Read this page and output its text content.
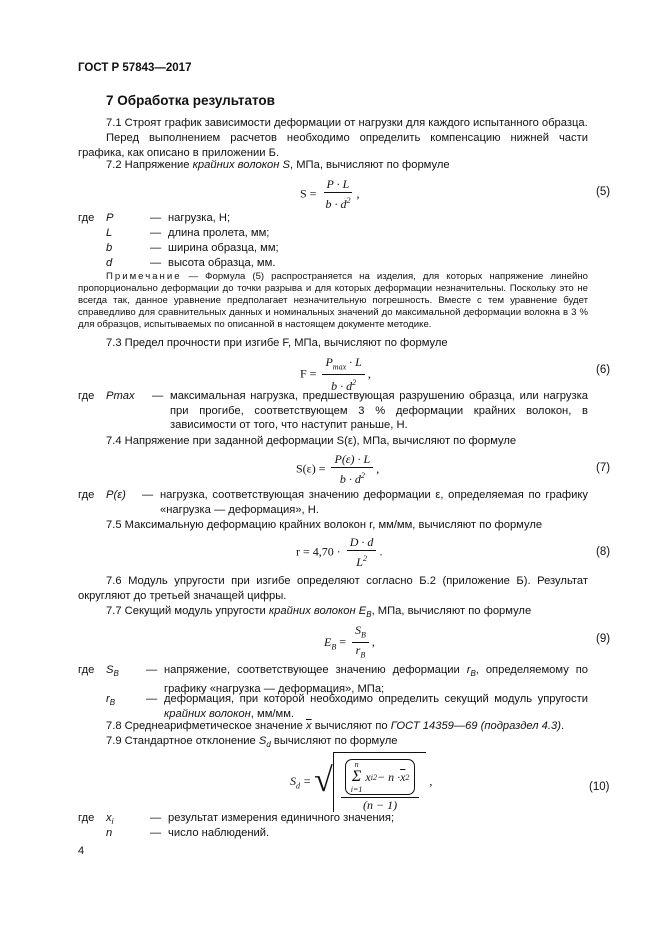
ГОСТ Р 57843—2017
7 Обработка результатов
7.1 Строят график зависимости деформации от нагрузки для каждого испытанного образца.
Перед выполнением расчетов необходимо определить компенсацию нижней части графика, как описано в приложении Б.
7.2 Напряжение крайних волокон S, МПа, вычисляют по формуле
$S = \frac{P \cdot L}{b \cdot d^2}$ ,	(5)
где	P	— нагрузка, Н;
L	— длина пролета, мм;
b	— ширина образца, мм;
d	— высота образца, мм.
Примечание — Формула (5) распространяется на изделия, для которых напряжение линейно пропорционально деформации до точки разрыва и для которых деформации незначительны. Поскольку это не всегда так, данное уравнение предполагает незначительную погрешность. Вместе с тем уравнение будет справедливо для сравнительных данных и номинальных значений до максимальной деформации волокна в 3 % для образцов, испытываемых по описанной в настоящем документе методике.
7.3 Предел прочности при изгибе F, МПа, вычисляют по формуле
$F = \frac{P_{max} \cdot L}{b \cdot d^2}$ ,	(6)
где	Pmax	— максимальная нагрузка, предшествующая разрушению образца, или нагрузка при прогибе, соответствующем 3 % деформации крайних волокон, в зависимости от того, что наступит раньше, Н.
7.4 Напряжение при заданной деформации S(ε), МПа, вычисляют по формуле
$S(\varepsilon) = \frac{P(\varepsilon) \cdot L}{b \cdot d^2}$ ,	(7)
где	P(ε)	— нагрузка, соответствующая значению деформации ε, определяемая по графику «нагрузка — деформация», Н.
7.5 Максимальную деформацию крайних волокон r, мм/мм, вычисляют по формуле
$r = 4,70 \cdot \frac{D \cdot d}{L^2}$ .	(8)
7.6 Модуль упругости при изгибе определяют согласно Б.2 (приложение Б). Результат округляют до третьей значащей цифры.
7.7 Секущий модуль упругости крайних волокон $E_B$, МПа, вычисляют по формуле
$E_B = \frac{S_B}{r_B}$ ,	(9)
где	$S_B$	— напряжение, соответствующее значению деформации $r_B$, определяемому по графику «нагрузка — деформация», МПа;
$r_B$	— деформация, при которой необходимо определить секущий модуль упругости крайних волокон, мм/мм.
7.8 Среднеарифметическое значение $\overline{x}$ вычисляют по ГОСТ 14359—69 (подраздел 4.3).
7.9 Стандартное отклонение $S_d$ вычисляют по формуле
$S_d$ = √ n
Σ
i=1
x i $2 - n \cdot \overline{x}$ 2
(n − 1) ,	(10)
где	$x_i$	— результат измерения единичного значения;
n	— число наблюдений.
4
